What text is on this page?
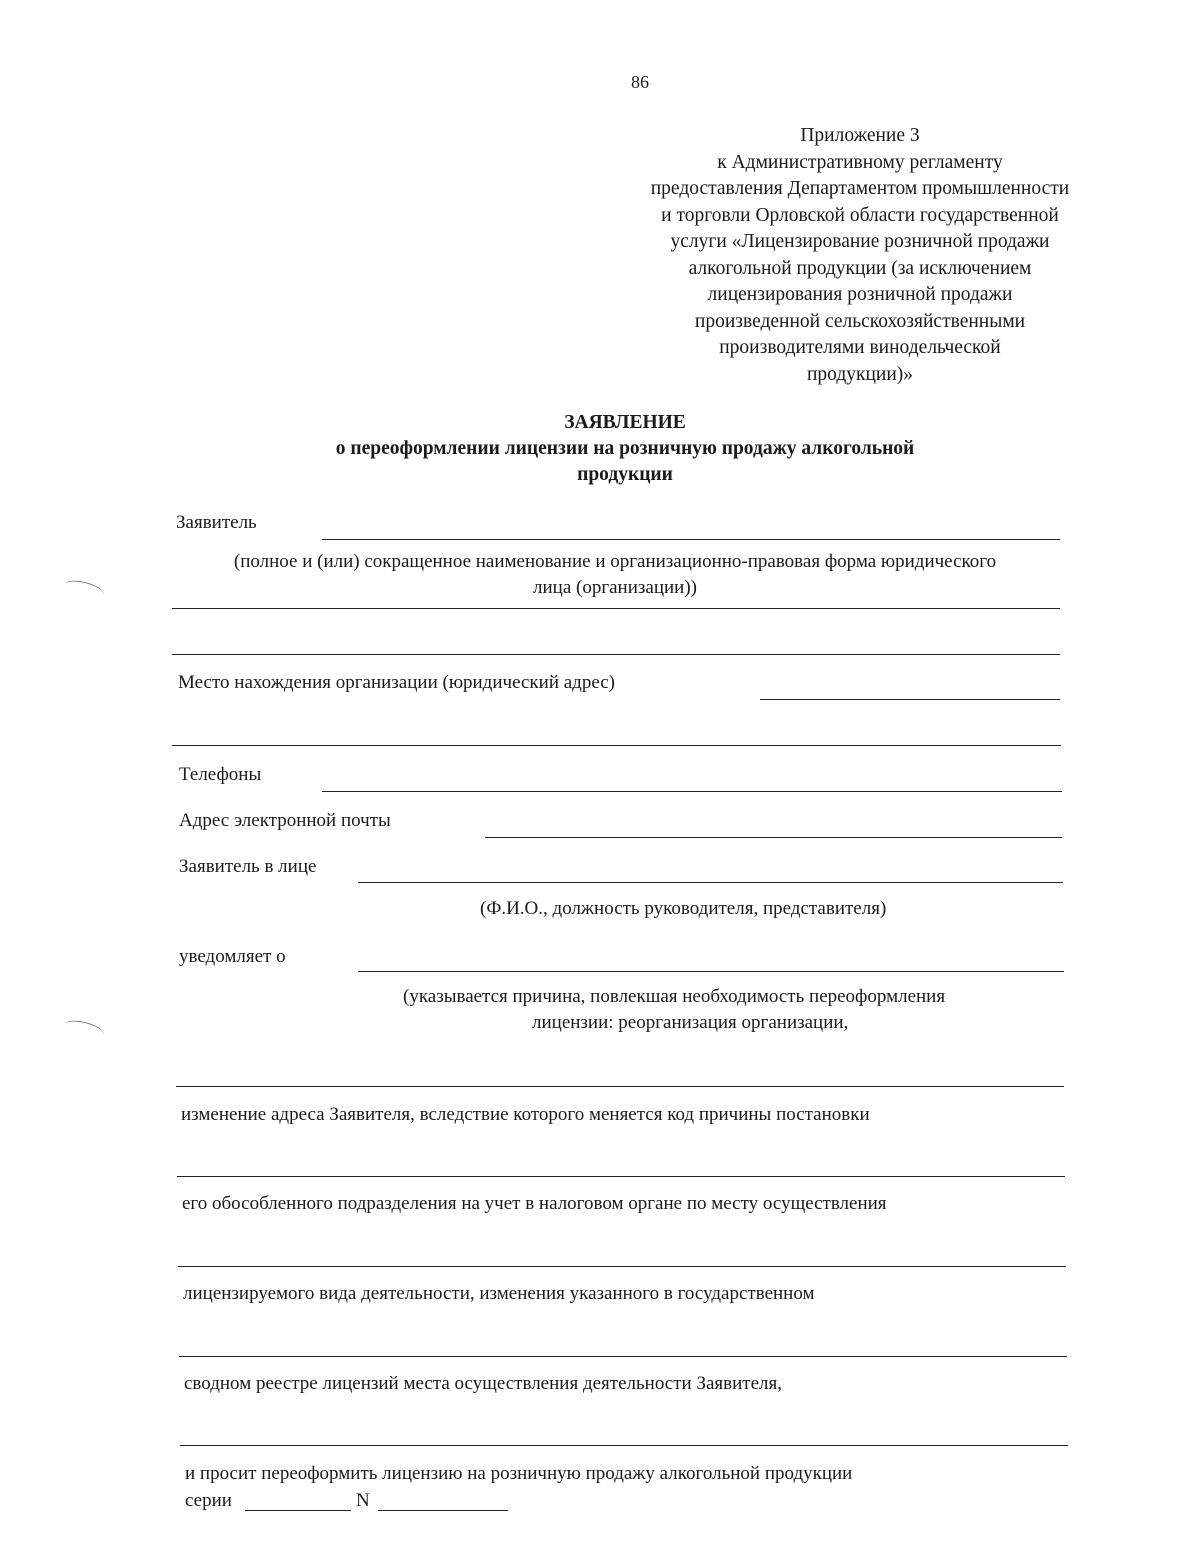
86
Приложение 3
к Административному регламенту
предоставления Департаментом промышленности
и торговли Орловской области государственной
услуги «Лицензирование розничной продажи
алкогольной продукции (за исключением
лицензирования розничной продажи
произведенной сельскохозяйственными
производителями винодельческой
продукции)»
ЗАЯВЛЕНИЕ
о переоформлении лицензии на розничную продажу алкогольной
продукции
Заявитель
(полное и (или) сокращенное наименование и организационно-правовая форма юридического
лица (организации))
Место нахождения организации (юридический адрес)
Телефоны
Адрес электронной почты
Заявитель в лице
(Ф.И.О., должность руководителя, представителя)
уведомляет о
(указывается причина, повлекшая необходимость переоформления
лицензии: реорганизация организации,
изменение адреса Заявителя, вследствие которого меняется код причины постановки
его обособленного подразделения на учет в налоговом органе по месту осуществления
лицензируемого вида деятельности, изменения указанного в государственном
сводном реестре лицензий места осуществления деятельности Заявителя,
и просит переоформить лицензию на розничную продажу алкогольной продукции
серии	N
